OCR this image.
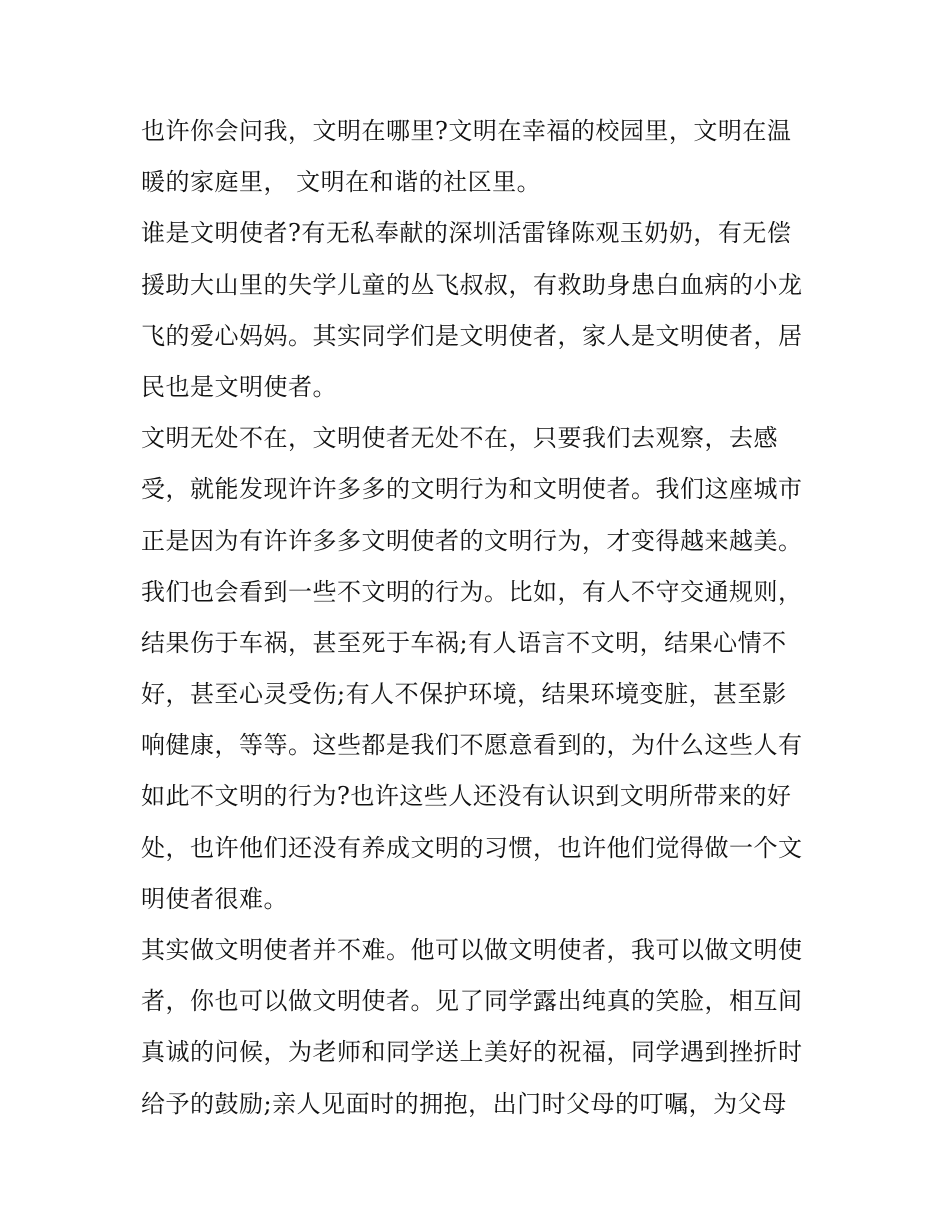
也许你会问我，文明在哪里?文明在幸福的校园里，文明在温
暖的家庭里， 文明在和谐的社区里。
谁是文明使者?有无私奉献的深圳活雷锋陈观玉奶奶，有无偿
援助大山里的失学儿童的丛飞叔叔，有救助身患白血病的小龙
飞的爱心妈妈。其实同学们是文明使者，家人是文明使者，居
民也是文明使者。
文明无处不在，文明使者无处不在，只要我们去观察，去感
受，就能发现许许多多的文明行为和文明使者。我们这座城市
正是因为有许许多多文明使者的文明行为，才变得越来越美。
我们也会看到一些不文明的行为。比如，有人不守交通规则，
结果伤于车祸，甚至死于车祸;有人语言不文明，结果心情不
好，甚至心灵受伤;有人不保护环境，结果环境变脏，甚至影
响健康，等等。这些都是我们不愿意看到的，为什么这些人有
如此不文明的行为?也许这些人还没有认识到文明所带来的好
处，也许他们还没有养成文明的习惯，也许他们觉得做一个文
明使者很难。
其实做文明使者并不难。他可以做文明使者，我可以做文明使
者，你也可以做文明使者。见了同学露出纯真的笑脸，相互间
真诚的问候，为老师和同学送上美好的祝福，同学遇到挫折时
给予的鼓励;亲人见面时的拥抱，出门时父母的叮嘱，为父母
